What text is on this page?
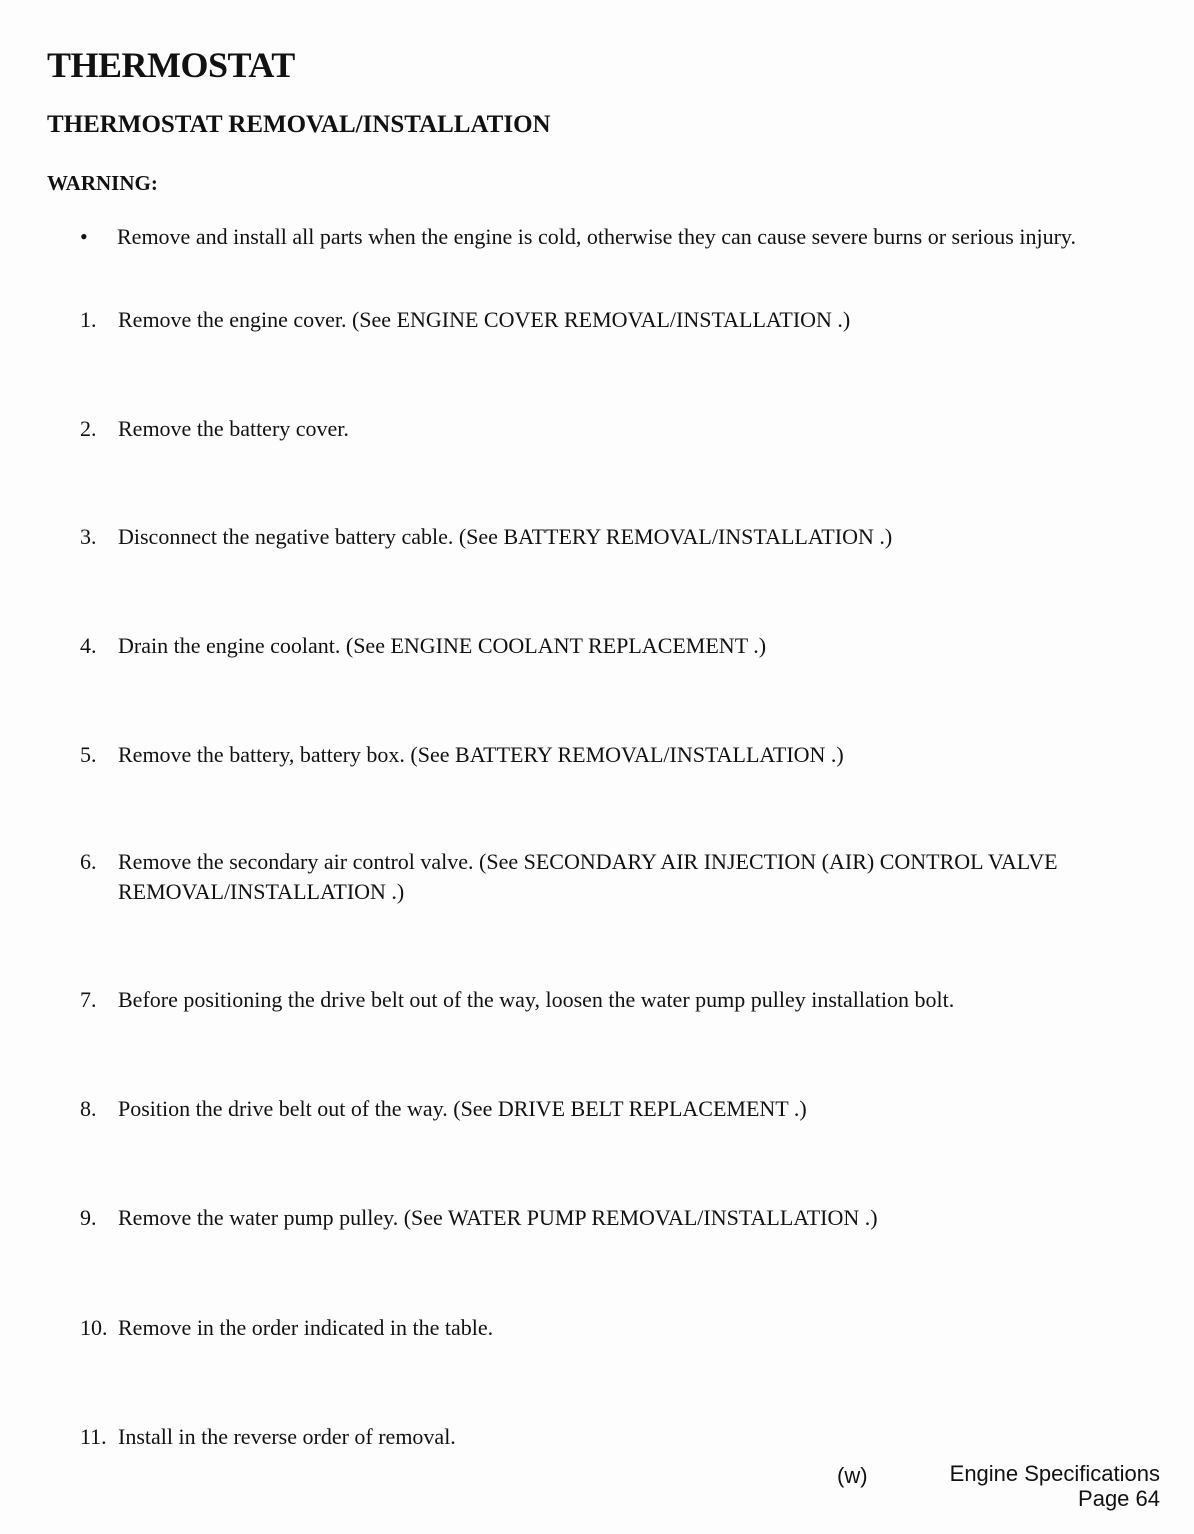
THERMOSTAT
THERMOSTAT REMOVAL/INSTALLATION
WARNING:
• Remove and install all parts when the engine is cold, otherwise they can cause severe burns or serious injury.
1. Remove the engine cover. (See ENGINE COVER REMOVAL/INSTALLATION .)
2. Remove the battery cover.
3. Disconnect the negative battery cable. (See BATTERY REMOVAL/INSTALLATION .)
4. Drain the engine coolant. (See ENGINE COOLANT REPLACEMENT .)
5. Remove the battery, battery box. (See BATTERY REMOVAL/INSTALLATION .)
6. Remove the secondary air control valve. (See SECONDARY AIR INJECTION (AIR) CONTROL VALVE REMOVAL/INSTALLATION .)
7. Before positioning the drive belt out of the way, loosen the water pump pulley installation bolt.
8. Position the drive belt out of the way. (See DRIVE BELT REPLACEMENT .)
9. Remove the water pump pulley. (See WATER PUMP REMOVAL/INSTALLATION .)
10. Remove in the order indicated in the table.
11. Install in the reverse order of removal.
(w)	Engine Specifications
Page 64
